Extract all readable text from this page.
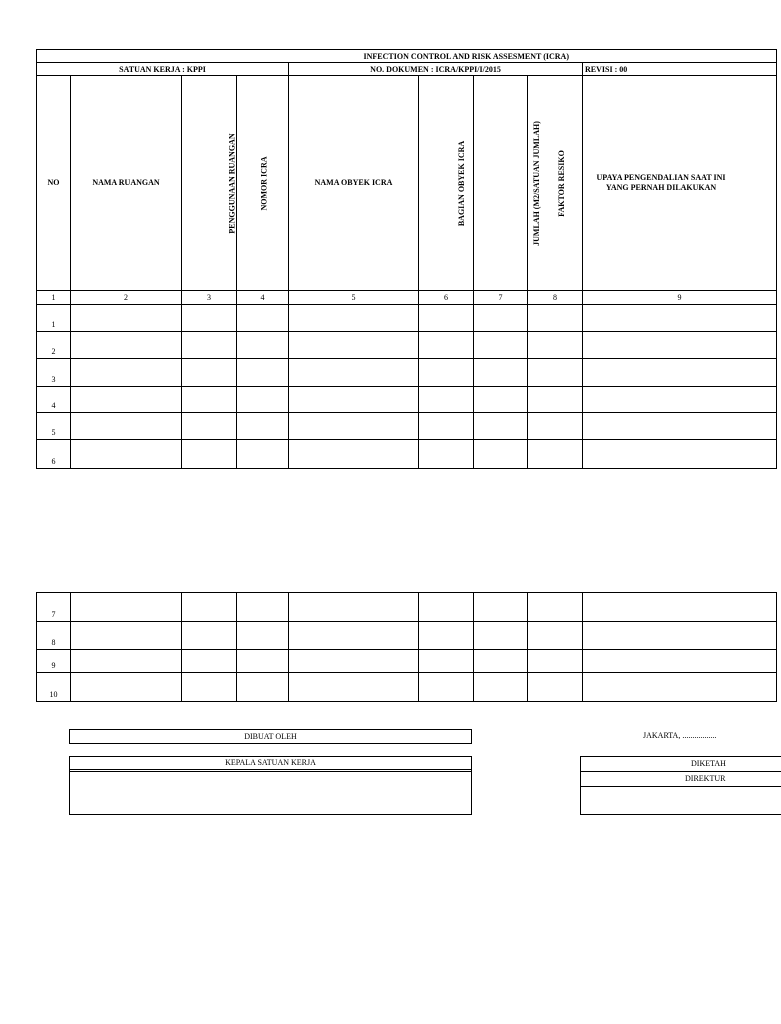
						INFECTION CONTROL AND RISK ASSESMENT (ICRA)		
SATUAN KERJA : KPPI				NO. DOKUMEN : ICRA/KPPI/I/2015				REVISI : 00
NO	NAMA RUANGAN	PENGGUNAAN RUANGAN	NOMOR ICRA	NAMA OBYEK ICRA	BAGIAN OBYEK ICRA	JUMLAH (M2/SATUAN JUMLAH)	FAKTOR RESIKO	UPAYA PENGENDALIAN SAAT INI YANG PERNAH DILAKUKAN

1	2	3	4	5	6	7	8	9
1								
2								
3								
4								
5								
6								
7								
8								
9								
10								
DIBUAT OLEH	JAKARTA, .................
KEPALA SATUAN KERJA	DIKETAH
DIREKTUR
